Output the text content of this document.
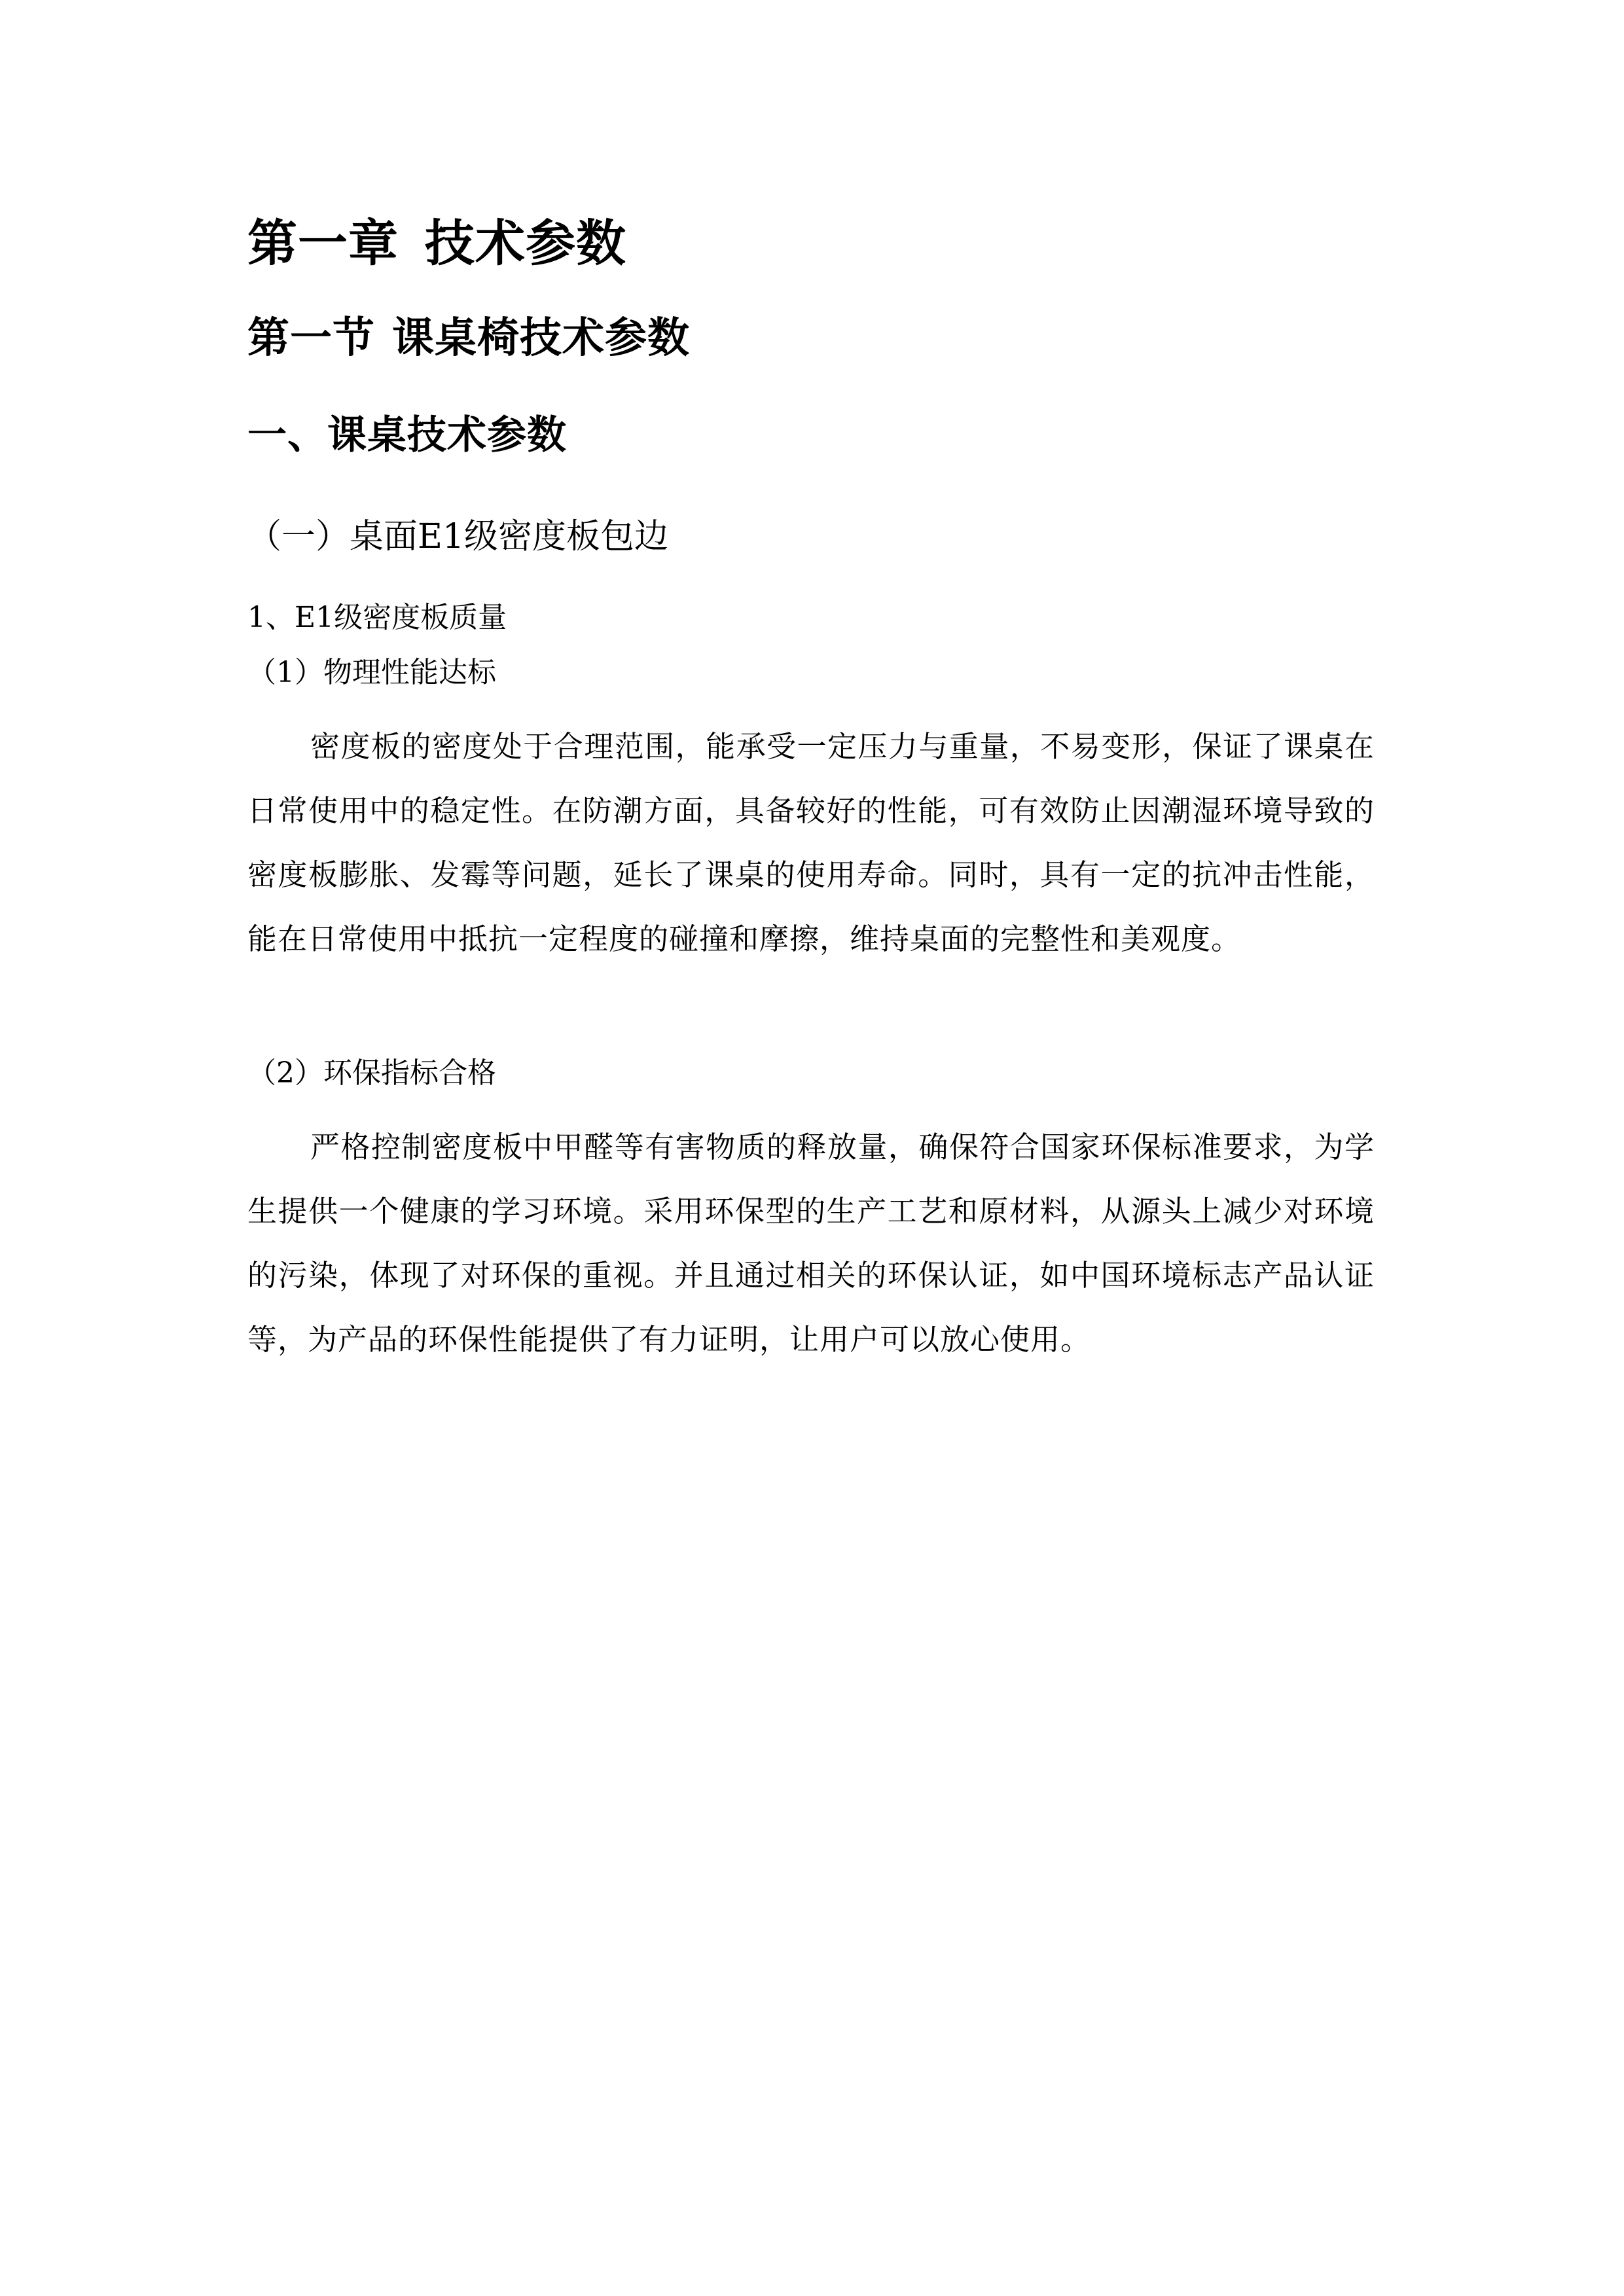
第一章 技术参数
第一节 课桌椅技术参数
一、课桌技术参数
（一）桌面E1级密度板包边
1、E1级密度板质量
（1）物理性能达标

密度板的密度处于合理范围，能承受一定压力与重量，不易变形，保证了课桌在日常使用中的稳定性。在防潮方面，具备较好的性能，可有效防止因潮湿环境导致的密度板膨胀、发霉等问题，延长了课桌的使用寿命。同时，具有一定的抗冲击性能，能在日常使用中抵抗一定程度的碰撞和摩擦，维持桌面的完整性和美观度。

（2）环保指标合格

严格控制密度板中甲醛等有害物质的释放量，确保符合国家环保标准要求，为学生提供一个健康的学习环境。采用环保型的生产工艺和原材料，从源头上减少对环境的污染，体现了对环保的重视。并且通过相关的环保认证，如中国环境标志产品认证等，为产品的环保性能提供了有力证明，让用户可以放心使用。
